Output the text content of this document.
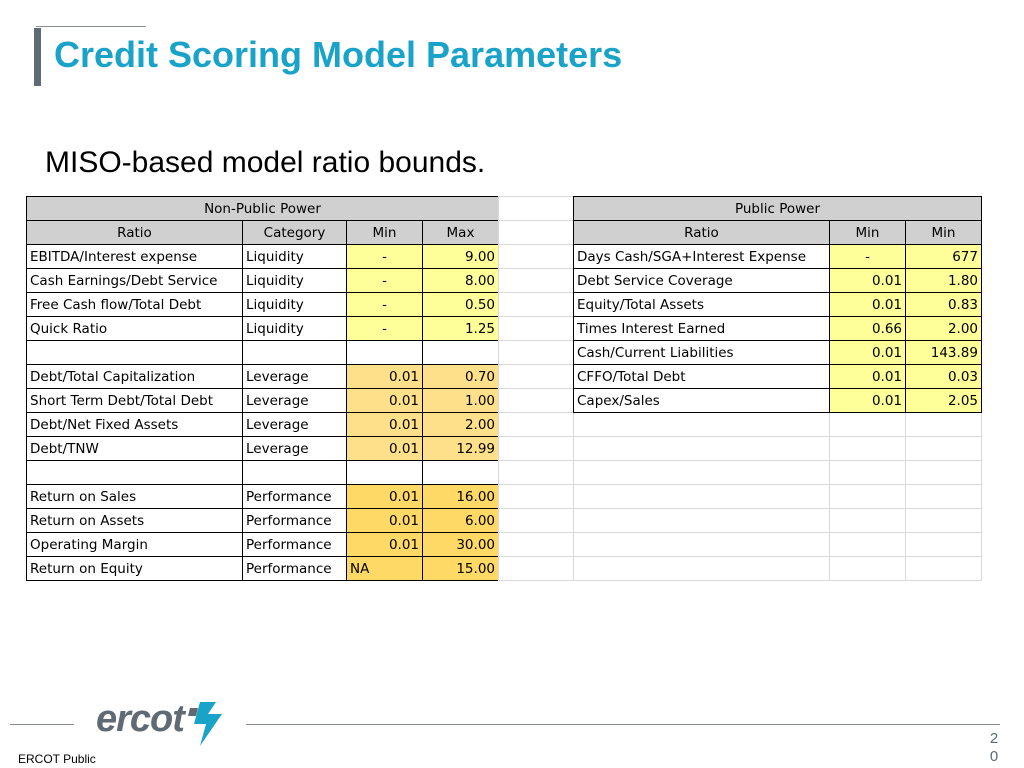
Credit Scoring Model Parameters
MISO-based model ratio bounds.
Non-Public Power			
Ratio	Category	Min	Max
EBITDA/Interest expense	Liquidity	-	9.00
Cash Earnings/Debt Service	Liquidity	-	8.00
Free Cash flow/Total Debt	Liquidity	-	0.50
Quick Ratio	Liquidity	-	1.25

Debt/Total Capitalization	Leverage	0.01	0.70
Short Term Debt/Total Debt	Leverage	0.01	1.00
Debt/Net Fixed Assets	Leverage	0.01	2.00
Debt/TNW	Leverage	0.01	12.99

Return on Sales	Performance	0.01	16.00
Return on Assets	Performance	0.01	6.00
Operating Margin	Performance	0.01	30.00
Return on Equity	Performance	NA	15.00

Public Power		
Ratio	Min	Min
Days Cash/SGA+Interest Expense	-	677
Debt Service Coverage	0.01	1.80
Equity/Total Assets	0.01	0.83
Times Interest Earned	0.66	2.00
Cash/Current Liabilities	0.01	143.89
CFFO/Total Debt	0.01	0.03
Capex/Sales	0.01	2.05

ercot
ERCOT Public
2
0
